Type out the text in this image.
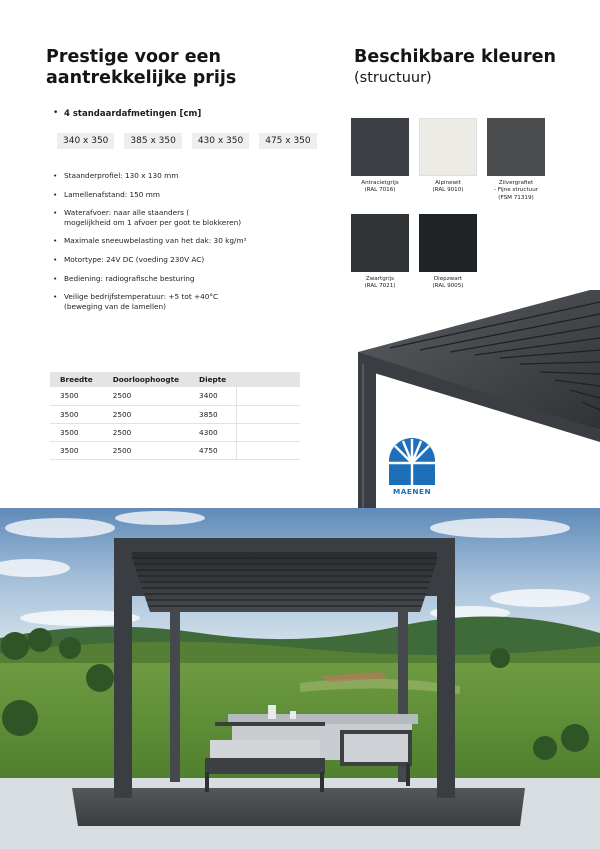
Prestige voor een
aantrekkelijke prijs
Beschikbare kleuren
(structuur)
• 4 standaardafmetingen [cm]
340 x 350	385 x 350	430 x 350	475 x 350
• Staanderprofiel: 130 x 130 mm
• Lamellenafstand: 150 mm
• Waterafvoer: naar alle staanders (
mogelijkheid om 1 afvoer per goot te blokkeren)
• Maximale sneeuwbelasting van het dak: 30 kg/m²
• Motortype: 24V DC (voeding 230V AC)
• Bediening: radiografische besturing
• Veilige bedrijfstemperatuur: +5 tot +40°C
(beweging van de lamellen)
Antracietgrijs
(RAL 7016)
Alpinewit
(RAL 9010)
Zilvergrafiet
- Fijne structuur
(FSM 71319)
Zwartgrijs
(RAL 7021)
Diepzwart
(RAL 9005)
Breedte	Doorloophoogte	Diepte	
3500	2500	3400	
3500	2500	3850	
3500	2500	4300	
3500	2500	4750	
MAENEN
